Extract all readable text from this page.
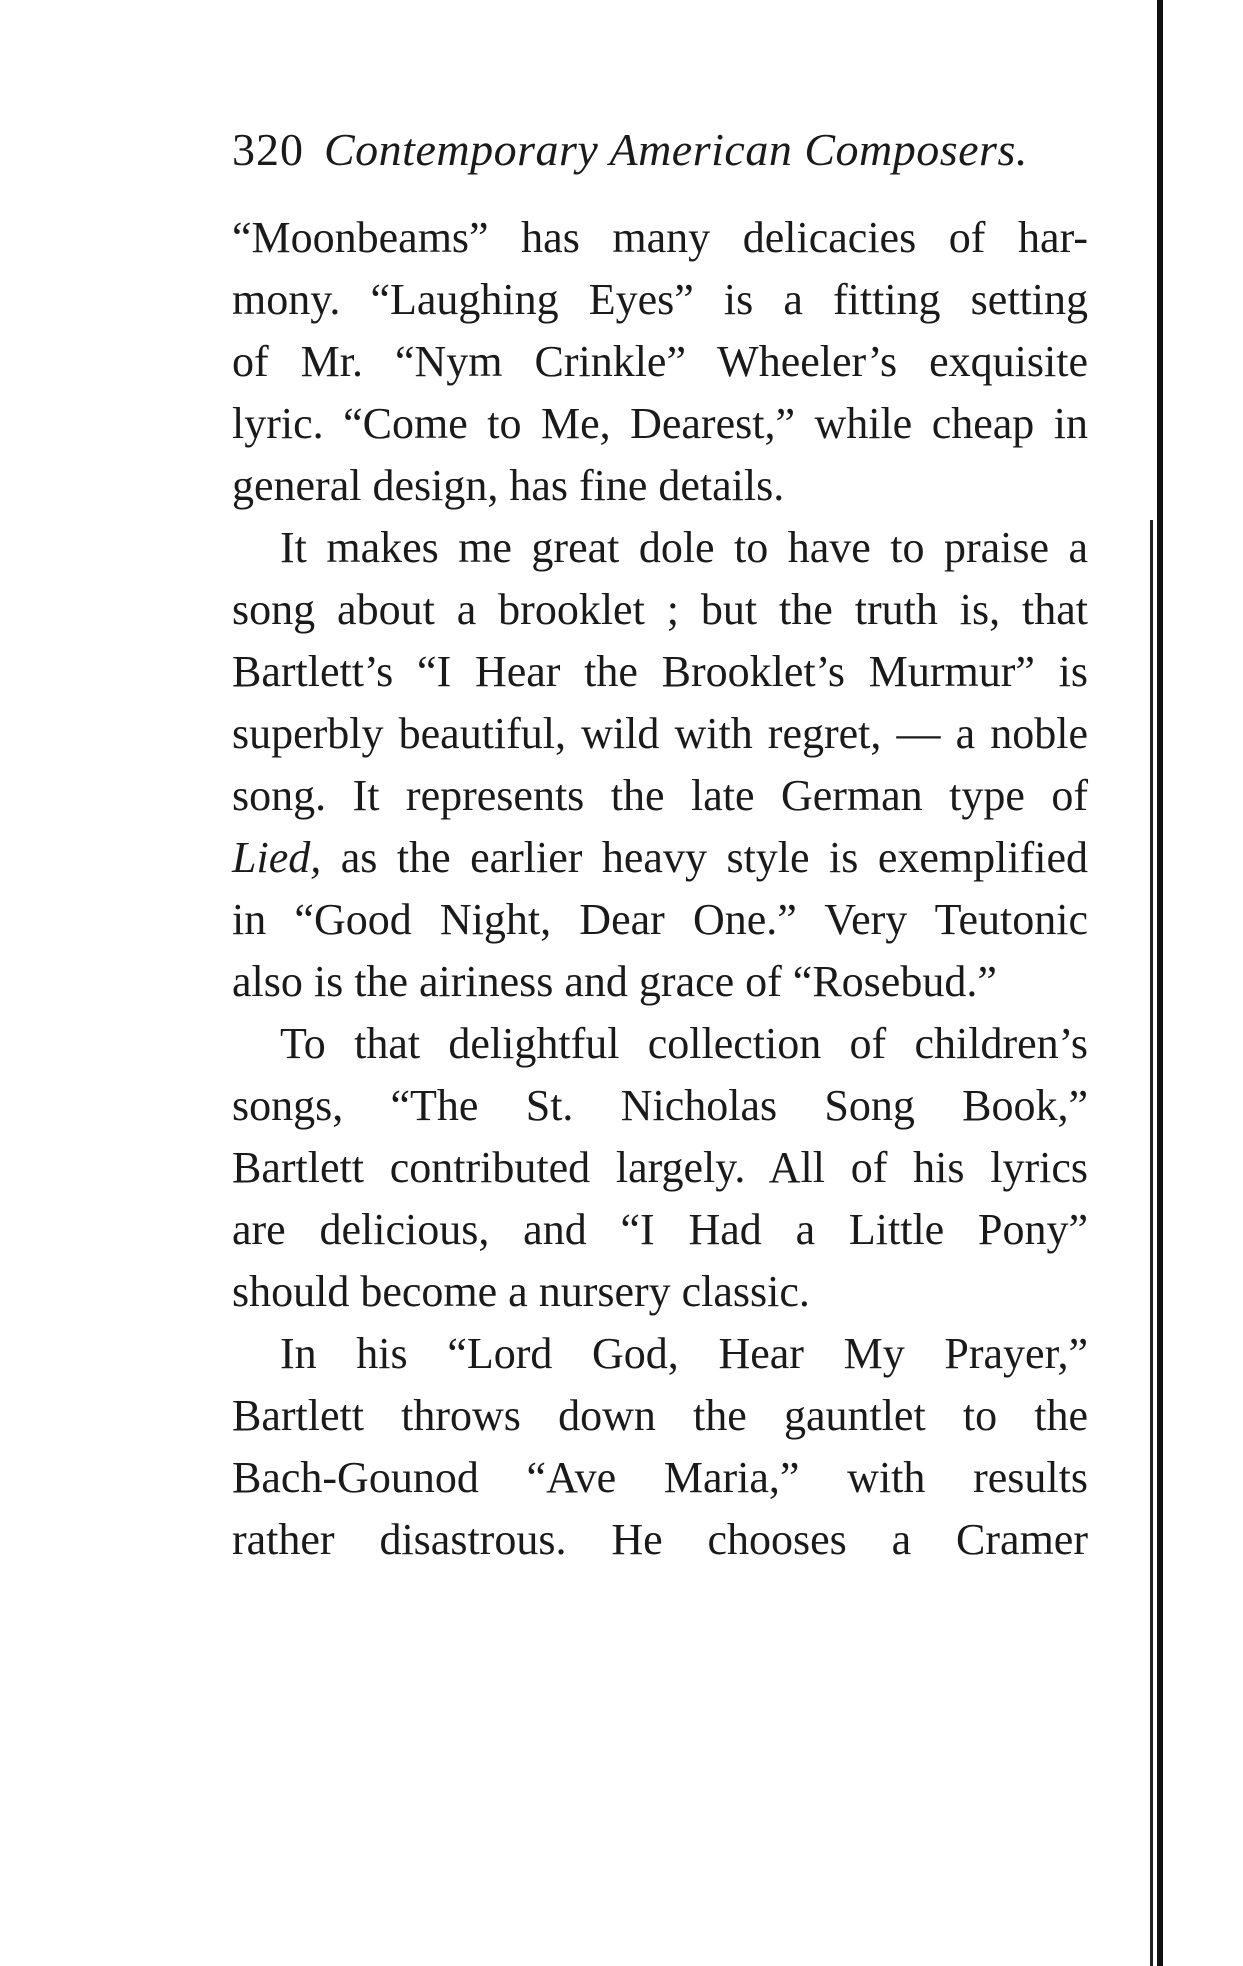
320 Contemporary American Composers.
“Moonbeams” has many delicacies of har-
mony. “Laughing Eyes” is a fitting setting
of Mr. “Nym Crinkle” Wheeler’s exquisite
lyric. “Come to Me, Dearest,” while cheap in
general design, has fine details.
It makes me great dole to have to praise a
song about a brooklet ; but the truth is, that
Bartlett’s “I Hear the Brooklet’s Murmur” is
superbly beautiful, wild with regret, — a noble
song. It represents the late German type of
Lied, as the earlier heavy style is exemplified
in “Good Night, Dear One.” Very Teutonic
also is the airiness and grace of “Rosebud.”
To that delightful collection of children’s
songs, “The St. Nicholas Song Book,”
Bartlett contributed largely. All of his lyrics
are delicious, and “I Had a Little Pony”
should become a nursery classic.
In his “Lord God, Hear My Prayer,”
Bartlett throws down the gauntlet to the
Bach-Gounod “Ave Maria,” with results
rather disastrous. He chooses a Cramer
